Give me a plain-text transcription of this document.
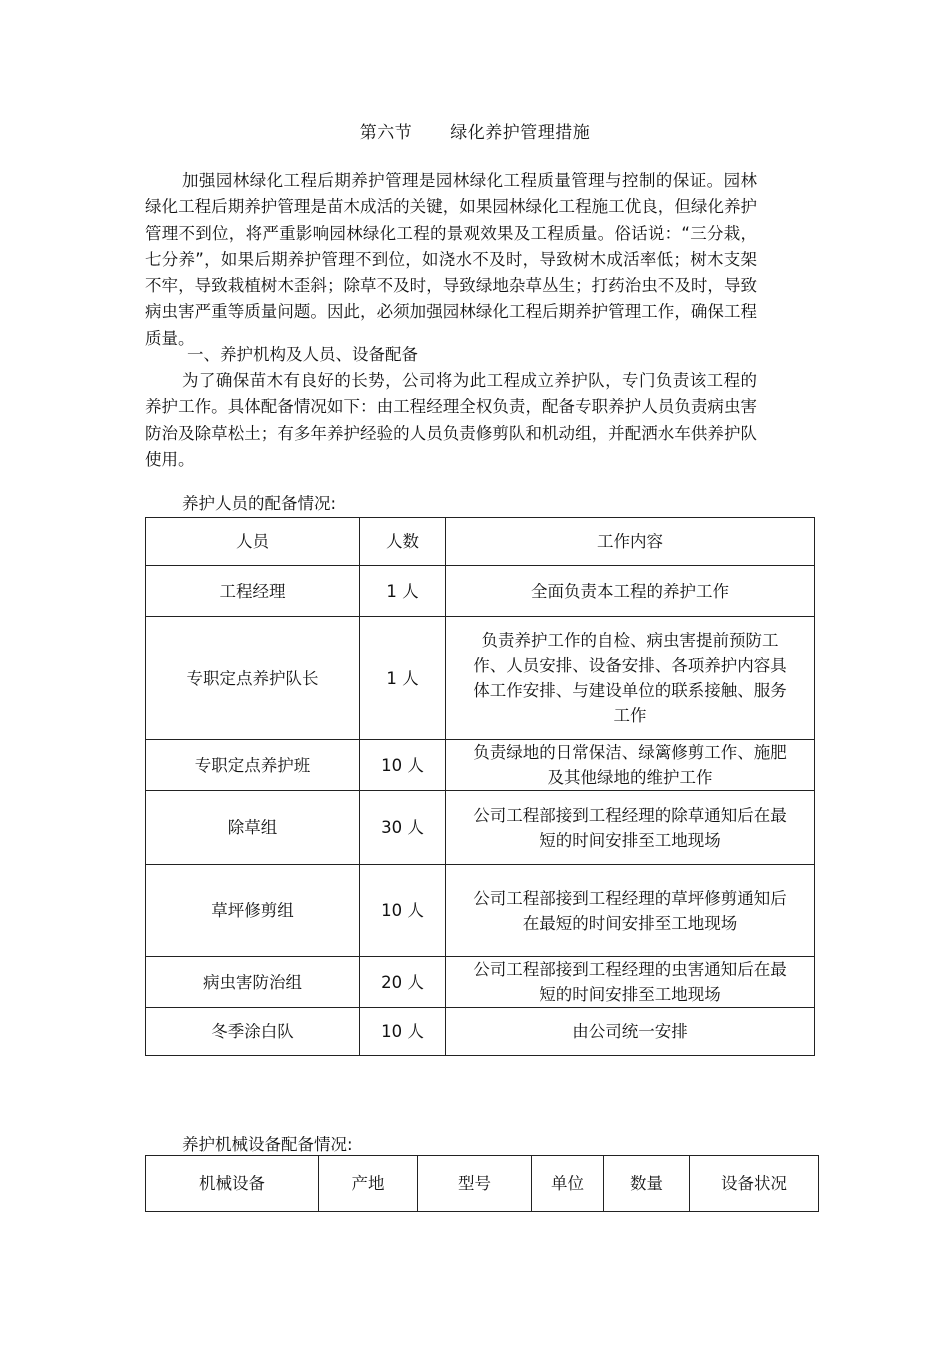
第六节 绿化养护管理措施

加强园林绿化工程后期养护管理是园林绿化工程质量管理与控制的保证。园林绿化工程后期养护管理是苗木成活的关键，如果园林绿化工程施工优良，但绿化养护管理不到位，将严重影响园林绿化工程的景观效果及工程质量。俗话说：“三分栽，七分养”，如果后期养护管理不到位，如浇水不及时，导致树木成活率低；树木支架不牢，导致栽植树木歪斜；除草不及时，导致绿地杂草丛生；打药治虫不及时，导致病虫害严重等质量问题。因此，必须加强园林绿化工程后期养护管理工作，确保工程质量。

一、养护机构及人员、设备配备

为了确保苗木有良好的长势，公司将为此工程成立养护队，专门负责该工程的养护工作。具体配备情况如下：由工程经理全权负责，配备专职养护人员负责病虫害防治及除草松土；有多年养护经验的人员负责修剪队和机动组，并配洒水车供养护队使用。

养护人员的配备情况:
人员	人数	工作内容
工程经理	1 人	全面负责本工程的养护工作
专职定点养护队长	1 人	负责养护工作的自检、病虫害提前预防工作、人员安排、设备安排、各项养护内容具体工作安排、与建设单位的联系接触、服务工作
专职定点养护班	10 人	负责绿地的日常保洁、绿篱修剪工作、施肥及其他绿地的维护工作
除草组	30 人	公司工程部接到工程经理的除草通知后在最短的时间安排至工地现场
草坪修剪组	10 人	公司工程部接到工程经理的草坪修剪通知后在最短的时间安排至工地现场
病虫害防治组	20 人	公司工程部接到工程经理的虫害通知后在最短的时间安排至工地现场
冬季涂白队	10 人	由公司统一安排
养护机械设备配备情况:
机械设备	产地	型号	单位	数量	设备状况
